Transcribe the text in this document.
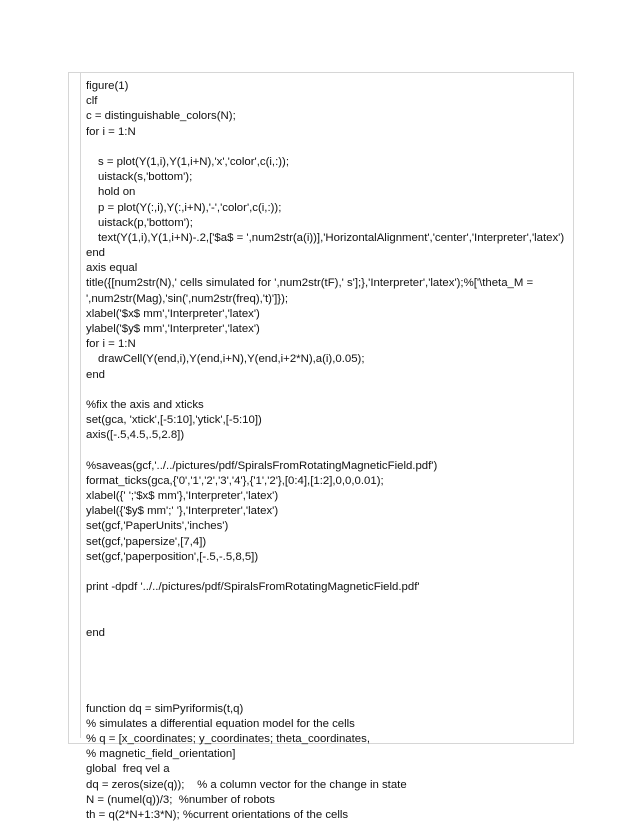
figure(1)
clf
c = distinguishable_colors(N);
for i = 1:N
s = plot(Y(1,i),Y(1,i+N),'x','color',c(i,:));
uistack(s,'bottom');
hold on
p = plot(Y(:,i),Y(:,i+N),'-','color',c(i,:));
uistack(p,'bottom');
text(Y(1,i),Y(1,i+N)-.2,['$a$ = ',num2str(a(i))],'HorizontalAlignment','center','Interpreter','latex')
end
axis equal
title({[num2str(N),' cells simulated for ',num2str(tF),' s'];},'Interpreter','latex');%['\theta_M =
',num2str(Mag),'sin(',num2str(freq),'t)']});
xlabel('$x$ mm','Interpreter','latex')
ylabel('$y$ mm','Interpreter','latex')
for i = 1:N
drawCell(Y(end,i),Y(end,i+N),Y(end,i+2*N),a(i),0.05);
end
%fix the axis and xticks
set(gca, 'xtick',[-5:10],'ytick',[-5:10])
axis([-.5,4.5,.5,2.8])
%saveas(gcf,'../../pictures/pdf/SpiralsFromRotatingMagneticField.pdf')
format_ticks(gca,{'0','1','2','3','4'},{'1','2'},[0:4],[1:2],0,0,0.01);
xlabel({' ';'$x$ mm'},'Interpreter','latex')
ylabel({'$y$ mm';' '},'Interpreter','latex')
set(gcf,'PaperUnits','inches')
set(gcf,'papersize',[7,4])
set(gcf,'paperposition',[-.5,-.5,8,5])
print -dpdf '../../pictures/pdf/SpiralsFromRotatingMagneticField.pdf'
end
function dq = simPyriformis(t,q)
% simulates a differential equation model for the cells
% q = [x_coordinates; y_coordinates; theta_coordinates,
% magnetic_field_orientation]
global  freq vel a
dq = zeros(size(q));    % a column vector for the change in state
N = (numel(q))/3;  %number of robots
th = q(2*N+1:3*N); %current orientations of the cells
